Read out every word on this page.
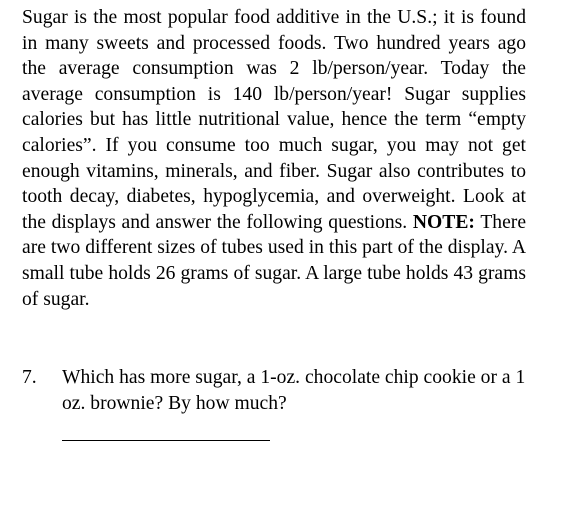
Sugar is the most popular food additive in the U.S.; it is found in many sweets and processed foods. Two hundred years ago the average consumption was 2 lb/person/year. Today the average consumption is 140 lb/person/year! Sugar supplies calories but has little nutritional value, hence the term “empty calories”. If you consume too much sugar, you may not get enough vitamins, minerals, and fiber. Sugar also contributes to tooth decay, diabetes, hypoglycemia, and overweight. Look at the displays and answer the following questions. NOTE: There are two different sizes of tubes used in this part of the display. A small tube holds 26 grams of sugar. A large tube holds 43 grams of sugar.

7.	Which has more sugar, a 1-oz. chocolate chip cookie or a 1 oz. brownie? By how much?
